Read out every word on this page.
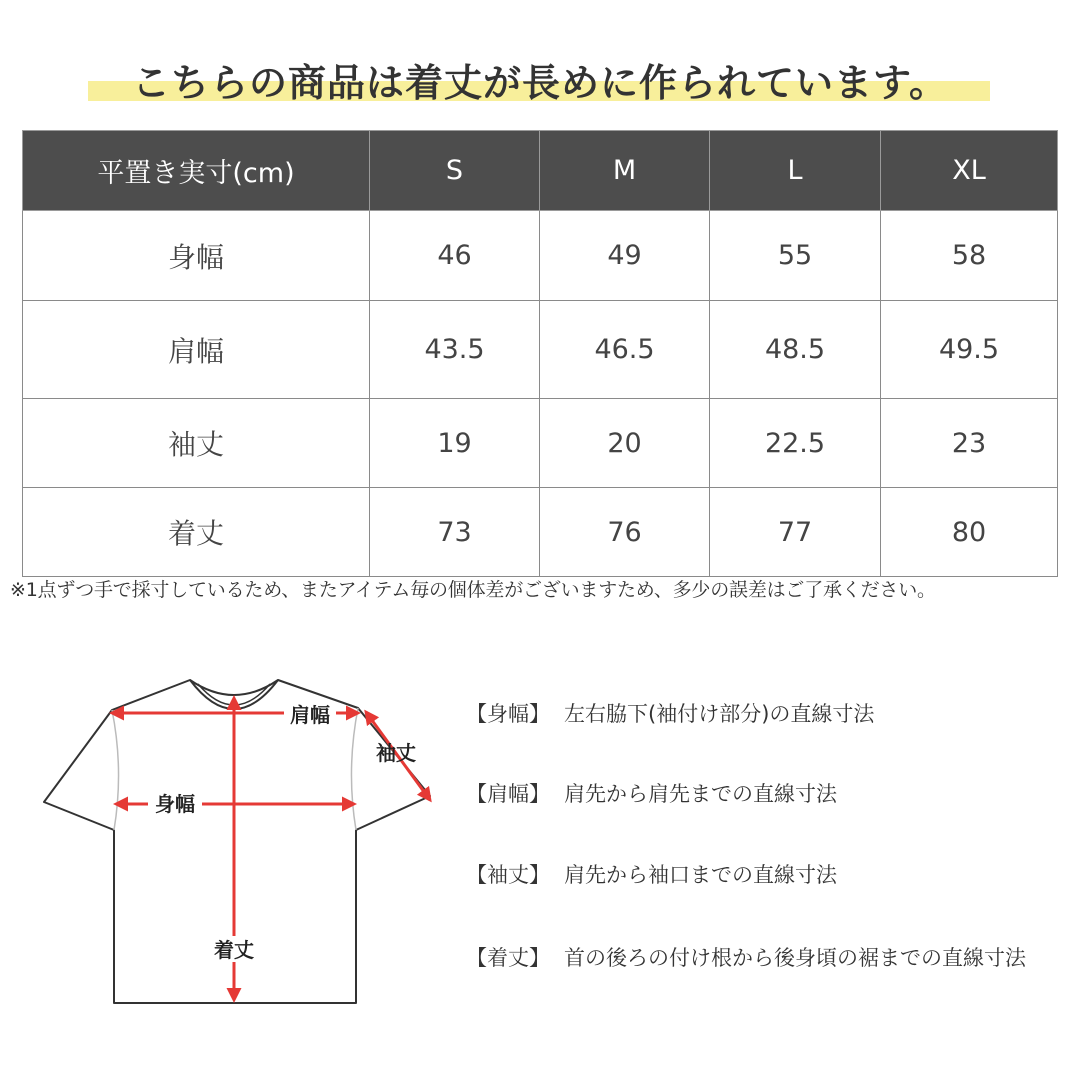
こちらの商品は着丈が長めに作られています。
平置き実寸(cm)	S	M	L	XL
身幅	46	49	55	58
肩幅	43.5	46.5	48.5	49.5
袖丈	19	20	22.5	23
着丈	73	76	77	80
※1点ずつ手で採寸しているため、またアイテム毎の個体差がございますため、多少の誤差はご了承ください。
肩幅
袖丈
身幅
着丈
【身幅】 左右脇下(袖付け部分)の直線寸法
【肩幅】 肩先から肩先までの直線寸法
【袖丈】 肩先から袖口までの直線寸法
【着丈】 首の後ろの付け根から後身頃の裾までの直線寸法
